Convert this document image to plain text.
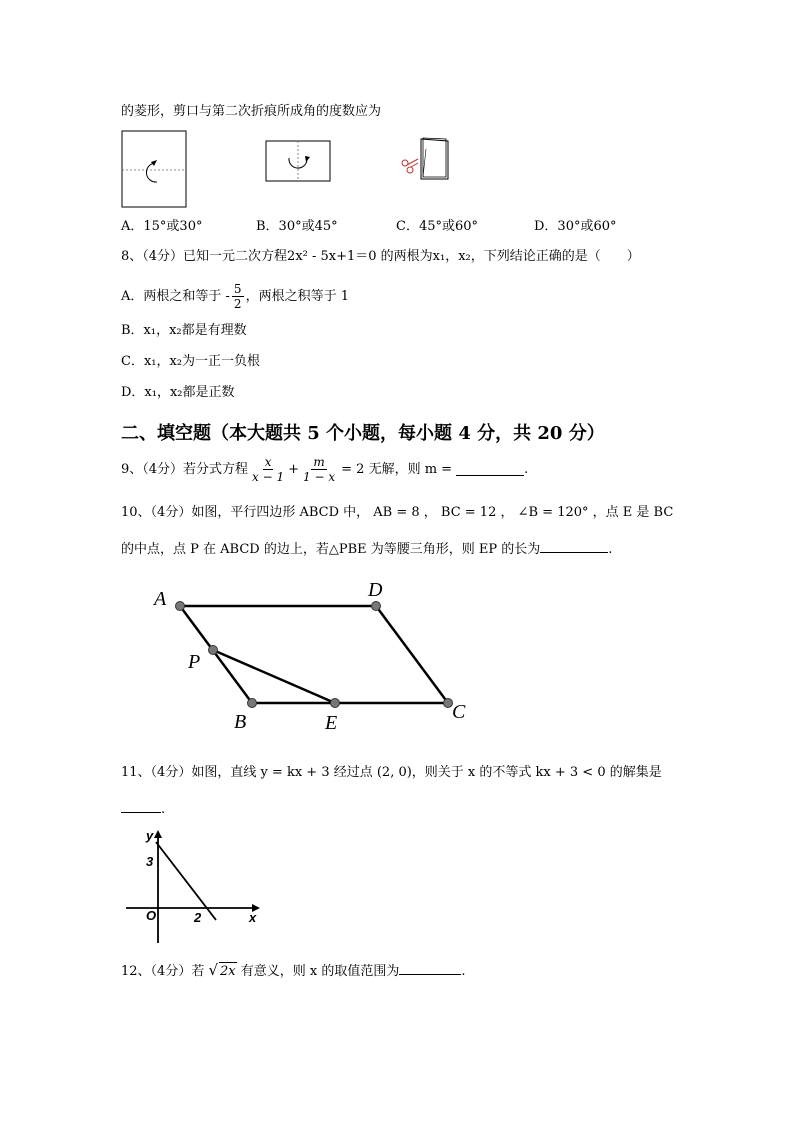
的菱形，剪口与第二次折痕所成角的度数应为
A．15°或30°	B．30°或45°	C．45°或60°	D．30°或60°
8、（4分）已知一元二次方程2x² - 5x+1＝0 的两根为x₁，x₂，下列结论正确的是（　　）
A．两根之和等于 - $\frac{5}{2}$ ，两根之积等于 1
B．x₁，x₂都是有理数
C．x₁，x₂为一正一负根
D．x₁，x₂都是正数
二、填空题（本大题共 5 个小题，每小题 4 分，共 20 分）
9、（4分）若分式方程 $\frac{x}{x - 1} + \frac{m}{1 - x} = 2$ 无解，则 m =	.
10、（4分）如图，平行四边形 ABCD 中， AB = 8 ， BC = 12 ， ∠B = 120° ，点 E 是 BC
的中点，点 P 在 ABCD 的边上，若△PBE 为等腰三角形，则 EP 的长为	.
A	D
P
B	E	C
11、（4分）如图，直线 y = kx + 3 经过点 (2, 0)，则关于 x 的不等式 kx + 3 < 0 的解集是
.
y
x
O
3
2
12、（4分）若 √ 2x 有意义，则 x 的取值范围为	.
